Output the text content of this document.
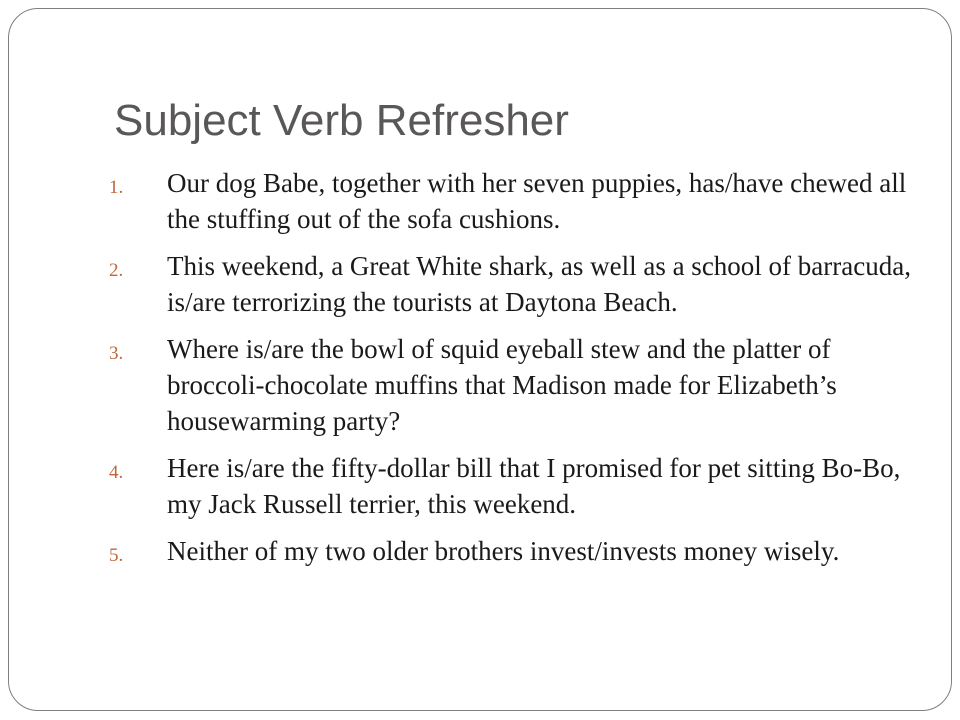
Subject Verb Refresher
1. Our dog Babe, together with her seven puppies, has/have chewed all the stuffing out of the sofa cushions.
2. This weekend, a Great White shark, as well as a school of barracuda, is/are terrorizing the tourists at Daytona Beach.
3. Where is/are the bowl of squid eyeball stew and the platter of broccoli-chocolate muffins that Madison made for Elizabeth’s housewarming party?
4. Here is/are the fifty-dollar bill that I promised for pet sitting Bo-Bo, my Jack Russell terrier, this weekend.
5. Neither of my two older brothers invest/invests money wisely.
